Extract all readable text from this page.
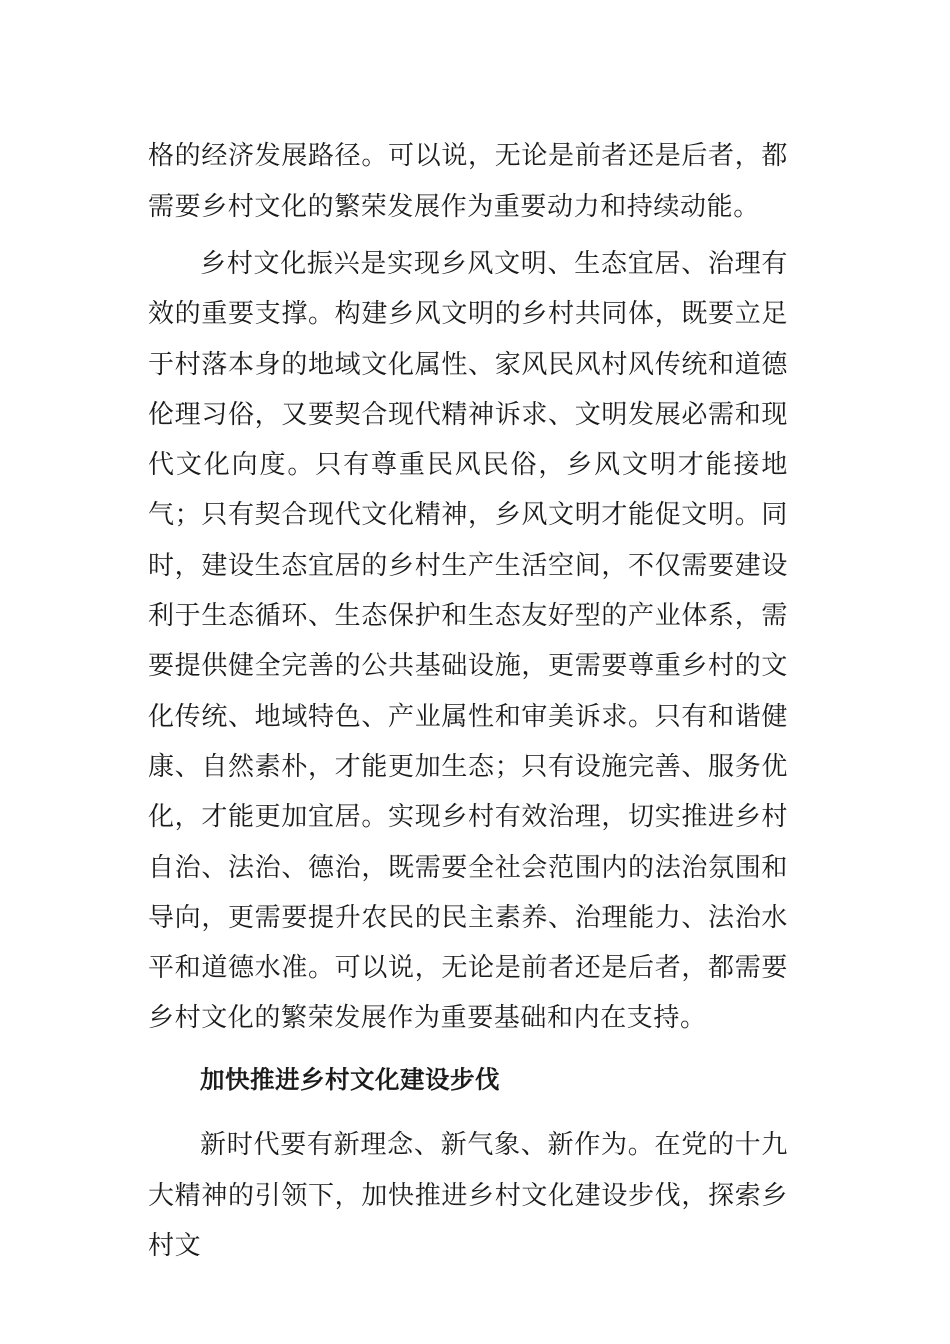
格的经济发展路径。可以说，无论是前者还是后者，都需要乡村文化的繁荣发展作为重要动力和持续动能。

乡村文化振兴是实现乡风文明、生态宜居、治理有效的重要支撑。构建乡风文明的乡村共同体，既要立足于村落本身的地域文化属性、家风民风村风传统和道德伦理习俗，又要契合现代精神诉求、文明发展必需和现代文化向度。只有尊重民风民俗，乡风文明才能接地气；只有契合现代文化精神，乡风文明才能促文明。同时，建设生态宜居的乡村生产生活空间，不仅需要建设利于生态循环、生态保护和生态友好型的产业体系，需要提供健全完善的公共基础设施，更需要尊重乡村的文化传统、地域特色、产业属性和审美诉求。只有和谐健康、自然素朴，才能更加生态；只有设施完善、服务优化，才能更加宜居。实现乡村有效治理，切实推进乡村自治、法治、德治，既需要全社会范围内的法治氛围和导向，更需要提升农民的民主素养、治理能力、法治水平和道德水准。可以说，无论是前者还是后者，都需要乡村文化的繁荣发展作为重要基础和内在支持。

加快推进乡村文化建设步伐

新时代要有新理念、新气象、新作为。在党的十九大精神的引领下，加快推进乡村文化建设步伐，探索乡村文
